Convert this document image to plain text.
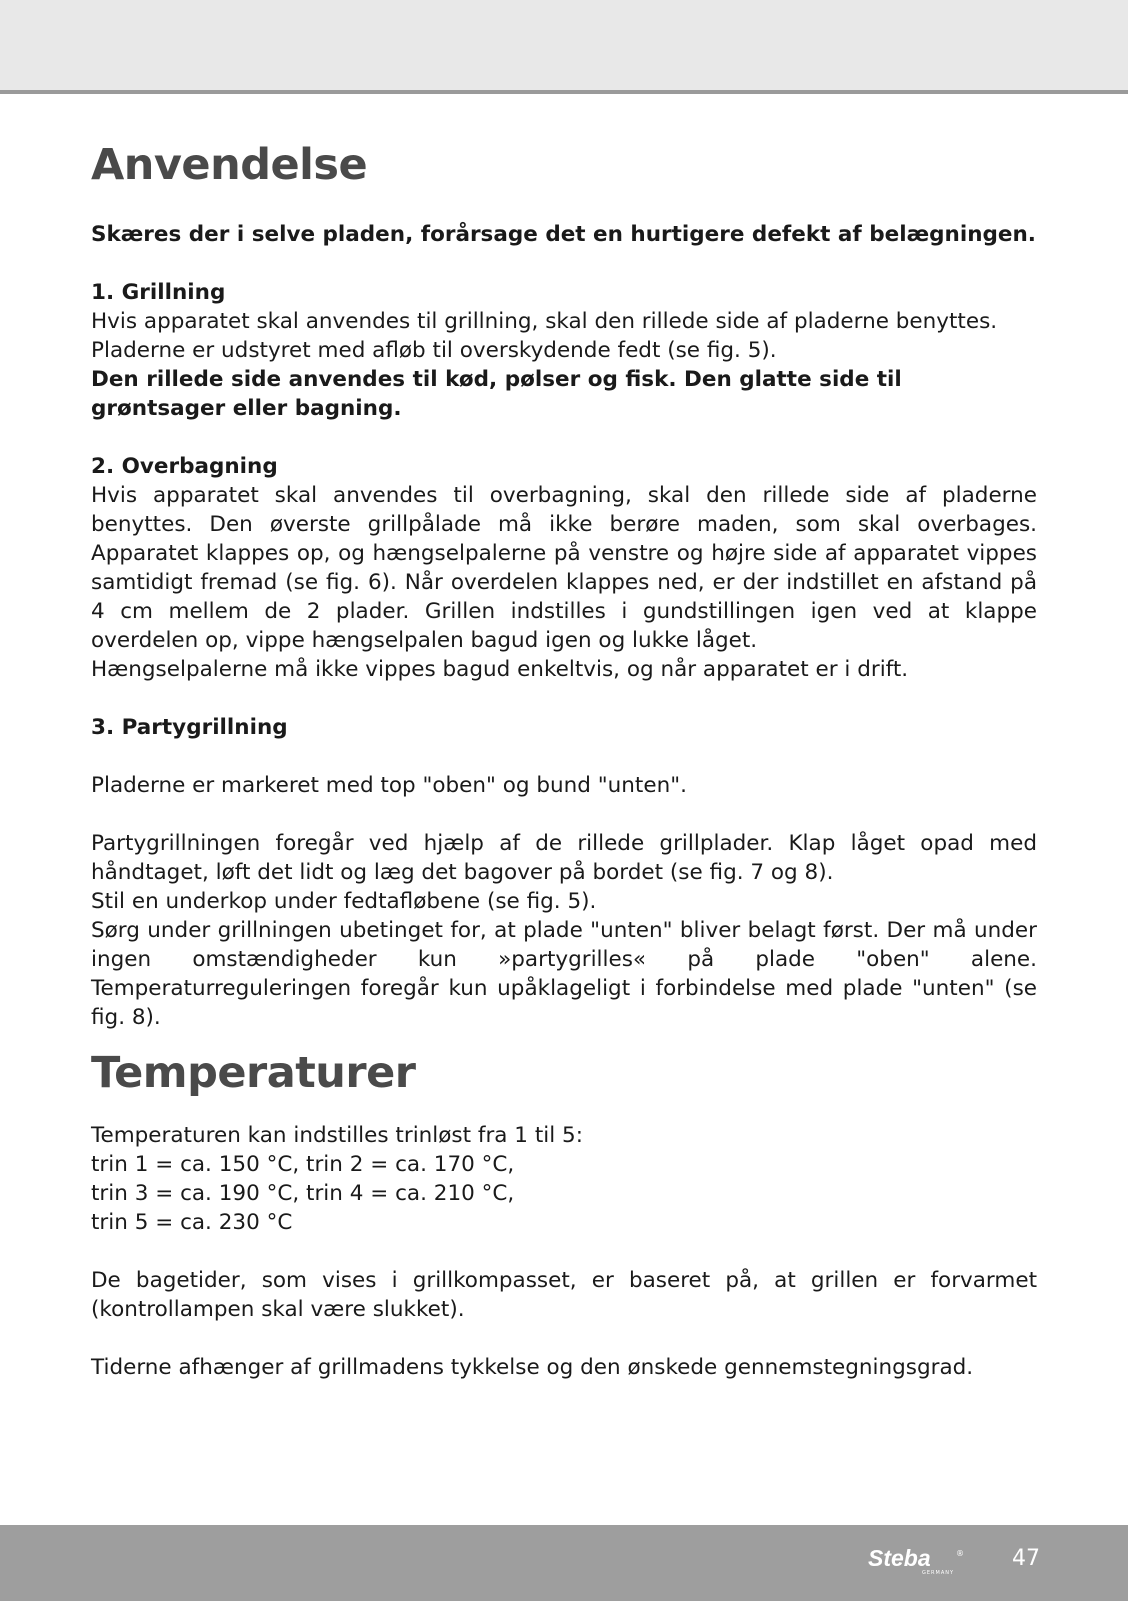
Anvendelse

Skæres der i selve pladen, forårsage det en hurtigere defekt af belægningen.

1. Grillning

Hvis apparatet skal anvendes til grillning, skal den rillede side af pladerne benyttes. Pladerne er udstyret med afløb til overskydende fedt (se fig. 5).

Den rillede side anvendes til kød, pølser og fisk. Den glatte side til grøntsager eller bagning.

2. Overbagning

Hvis apparatet skal anvendes til overbagning, skal den rillede side af pladerne benyttes. Den øverste grillpålade må ikke berøre maden, som skal overbages. Apparatet klappes op, og hængselpalerne på venstre og højre side af apparatet vippes samtidigt fremad (se fig. 6). Når overdelen klappes ned, er der indstillet en afstand på 4 cm mellem de 2 plader. Grillen indstilles i gundstillingen igen ved at klappe overdelen op, vippe hængselpalen bagud igen og lukke låget.

Hængselpalerne må ikke vippes bagud enkeltvis, og når apparatet er i drift.

3. Partygrillning

Pladerne er markeret med top "oben" og bund "unten".

Partygrillningen foregår ved hjælp af de rillede grillplader. Klap låget opad med håndtaget, løft det lidt og læg det bagover på bordet (se fig. 7 og 8).

Stil en underkop under fedtafløbene (se fig. 5).

Sørg under grillningen ubetinget for, at plade "unten" bliver belagt først. Der må under ingen omstændigheder kun »partygrilles« på plade "oben" alene. Temperaturreguleringen foregår kun upåklageligt i forbindelse med plade "unten" (se fig. 8).

Temperaturer

Temperaturen kan indstilles trinløst fra 1 til 5:

trin 1 = ca. 150 °C, trin 2 = ca. 170 °C,

trin 3 = ca. 190 °C, trin 4 = ca. 210 °C,

trin 5 = ca. 230 °C

De bagetider, som vises i grillkompasset, er baseret på, at grillen er forvarmet (kontrollampen skal være slukket).

Tiderne afhænger af grillmadens tykkelse og den ønskede gennemstegningsgrad.

Steba	®
GERMANY
47
